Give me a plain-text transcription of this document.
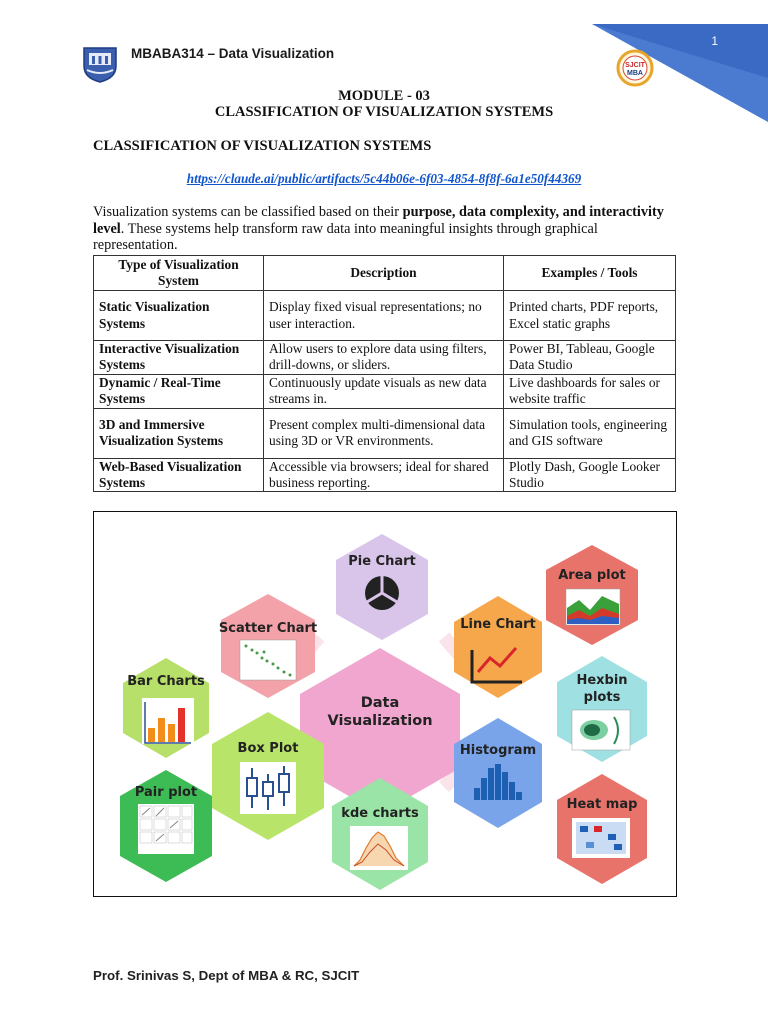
MBABA314 – Data Visualization
1
SJCIT
MBA
MODULE - 03
CLASSIFICATION OF VISUALIZATION SYSTEMS
CLASSIFICATION OF VISUALIZATION SYSTEMS
https://claude.ai/public/artifacts/5c44b06e-6f03-4854-8f8f-6a1e50f44369
Visualization systems can be classified based on their purpose, data complexity, and interactivity level. These systems help transform raw data into meaningful insights through graphical representation.
Type of Visualization System	Description	Examples / Tools
Static Visualization Systems	Display fixed visual representations; no user interaction.	Printed charts, PDF reports, Excel static graphs
Interactive Visualization Systems	Allow users to explore data using filters, drill-downs, or sliders.	Power BI, Tableau, Google Data Studio
Dynamic / Real-Time Systems	Continuously update visuals as new data streams in.	Live dashboards for sales or website traffic
3D and Immersive Visualization Systems	Present complex multi-dimensional data using 3D or VR environments.	Simulation tools, engineering and GIS software
Web-Based Visualization Systems	Accessible via browsers; ideal for shared business reporting.	Plotly Dash, Google Looker Studio
Pie Chart
Area plot
Scatter Chart	Line Chart
Bar Charts
Data
Visualization
Hexbin
plots
Box Plot	Histogram
Pair plot
Heat map
kde charts
Prof. Srinivas S, Dept of MBA & RC, SJCIT
